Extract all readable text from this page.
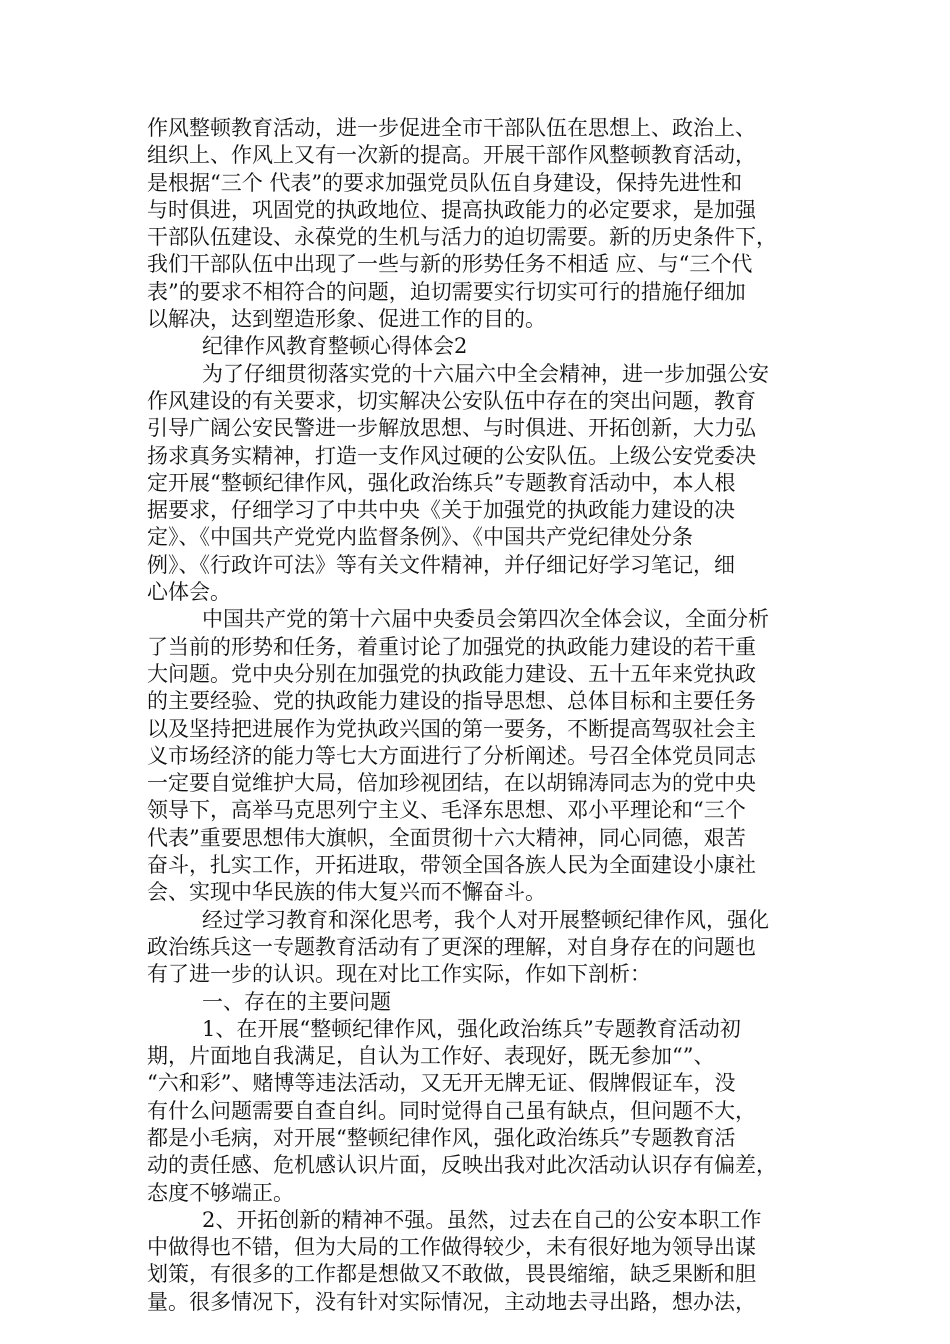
作风整顿教育活动，进一步促进全市干部队伍在思想上、政治上、
组织上、作风上又有一次新的提高。开展干部作风整顿教育活动，
是根据“三个 代表”的要求加强党员队伍自身建设，保持先进性和
与时俱进，巩固党的执政地位、提高执政能力的必定要求，是加强
干部队伍建设、永葆党的生机与活力的迫切需要。新的历史条件下，
我们干部队伍中出现了一些与新的形势任务不相适 应、与“三个代
表”的要求不相符合的问题，迫切需要实行切实可行的措施仔细加
以解决，达到塑造形象、促进工作的目的。
纪律作风教育整顿心得体会2
为了仔细贯彻落实党的十六届六中全会精神，进一步加强公安
作风建设的有关要求，切实解决公安队伍中存在的突出问题，教育
引导广阔公安民警进一步解放思想、与时俱进、开拓创新，大力弘
扬求真务实精神，打造一支作风过硬的公安队伍。上级公安党委决
定开展“整顿纪律作风，强化政治练兵”专题教育活动中，本人根
据要求，仔细学习了中共中央《关于加强党的执政能力建设的决
定》、《中国共产党党内监督条例》、《中国共产党纪律处分条
例》、《行政许可法》等有关文件精神，并仔细记好学习笔记，细
心体会。
中国共产党的第十六届中央委员会第四次全体会议，全面分析
了当前的形势和任务，着重讨论了加强党的执政能力建设的若干重
大问题。党中央分别在加强党的执政能力建设、五十五年来党执政
的主要经验、党的执政能力建设的指导思想、总体目标和主要任务
以及坚持把进展作为党执政兴国的第一要务，不断提高驾驭社会主
义市场经济的能力等七大方面进行了分析阐述。号召全体党员同志
一定要自觉维护大局，倍加珍视团结，在以胡锦涛同志为的党中央
领导下，高举马克思列宁主义、毛泽东思想、邓小平理论和“三个
代表”重要思想伟大旗帜，全面贯彻十六大精神，同心同德，艰苦
奋斗，扎实工作，开拓进取，带领全国各族人民为全面建设小康社
会、实现中华民族的伟大复兴而不懈奋斗。
经过学习教育和深化思考，我个人对开展整顿纪律作风，强化
政治练兵这一专题教育活动有了更深的理解，对自身存在的问题也
有了进一步的认识。现在对比工作实际，作如下剖析：
一、存在的主要问题
1、在开展“整顿纪律作风，强化政治练兵”专题教育活动初
期，片面地自我满足，自认为工作好、表现好，既无参加“”、
“六和彩”、赌博等违法活动，又无开无牌无证、假牌假证车，没
有什么问题需要自查自纠。同时觉得自己虽有缺点，但问题不大，
都是小毛病，对开展“整顿纪律作风，强化政治练兵”专题教育活
动的责任感、危机感认识片面，反映出我对此次活动认识存有偏差，
态度不够端正。
2、开拓创新的精神不强。虽然，过去在自己的公安本职工作
中做得也不错，但为大局的工作做得较少，未有很好地为领导出谋
划策，有很多的工作都是想做又不敢做，畏畏缩缩，缺乏果断和胆
量。很多情况下，没有针对实际情况，主动地去寻出路，想办法，
